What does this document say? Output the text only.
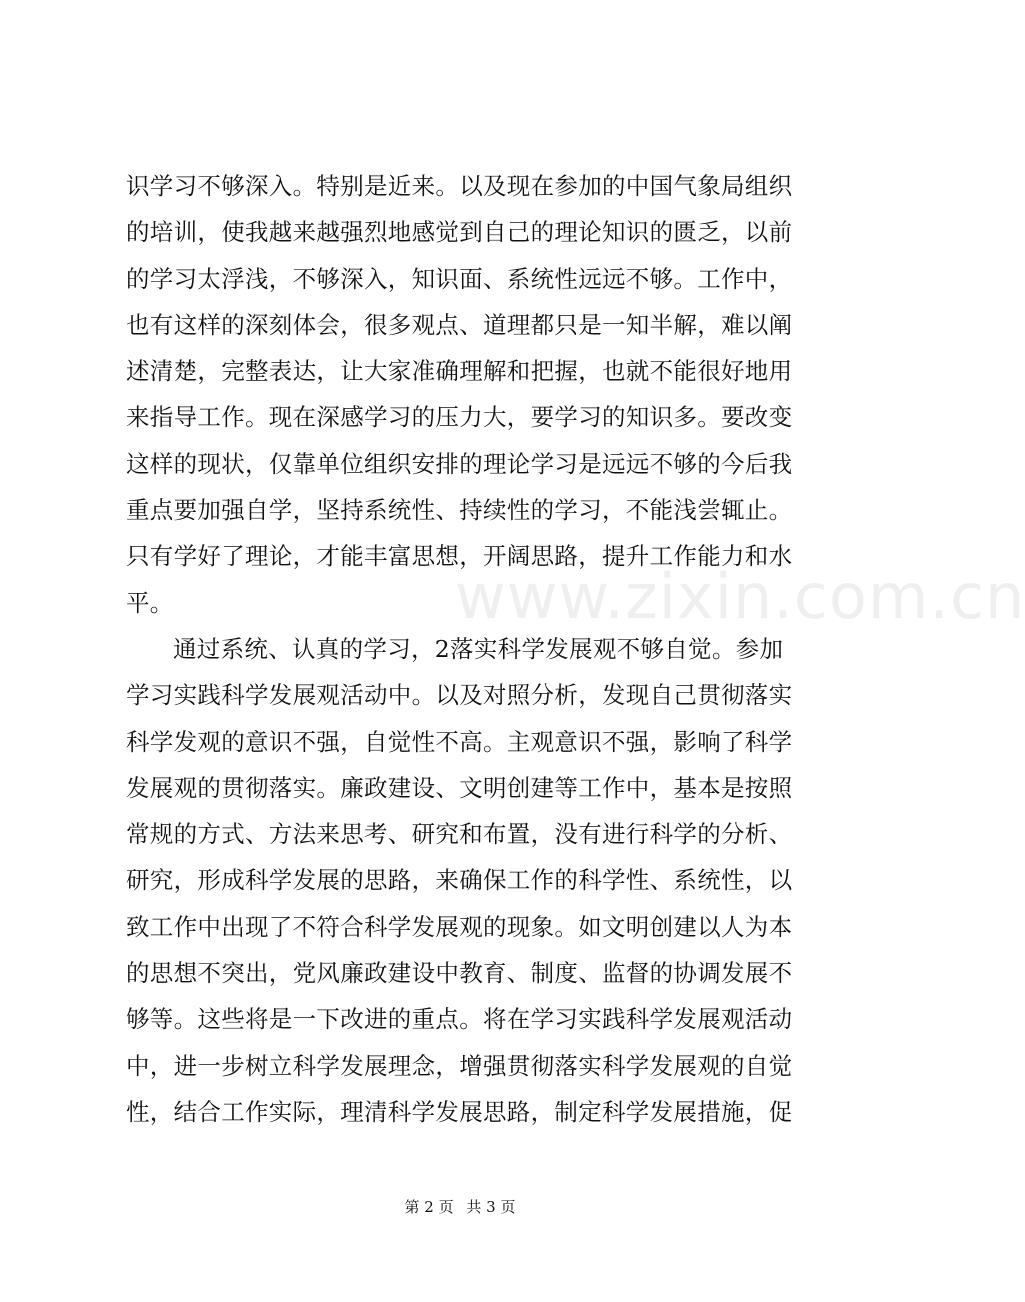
www.zixin.com.cn
识学习不够深入。特别是近来。以及现在参加的中国气象局组织
的培训，使我越来越强烈地感觉到自己的理论知识的匮乏，以前
的学习太浮浅，不够深入，知识面、系统性远远不够。工作中，
也有这样的深刻体会，很多观点、道理都只是一知半解，难以阐
述清楚，完整表达，让大家准确理解和把握，也就不能很好地用
来指导工作。现在深感学习的压力大，要学习的知识多。要改变
这样的现状，仅靠单位组织安排的理论学习是远远不够的今后我
重点要加强自学，坚持系统性、持续性的学习，不能浅尝辄止。
只有学好了理论，才能丰富思想，开阔思路，提升工作能力和水
平。
通过系统、认真的学习，2落实科学发展观不够自觉。参加
学习实践科学发展观活动中。以及对照分析，发现自己贯彻落实
科学发观的意识不强，自觉性不高。主观意识不强，影响了科学
发展观的贯彻落实。廉政建设、文明创建等工作中，基本是按照
常规的方式、方法来思考、研究和布置，没有进行科学的分析、
研究，形成科学发展的思路，来确保工作的科学性、系统性，以
致工作中出现了不符合科学发展观的现象。如文明创建以人为本
的思想不突出，党风廉政建设中教育、制度、监督的协调发展不
够等。这些将是一下改进的重点。将在学习实践科学发展观活动
中，进一步树立科学发展理念，增强贯彻落实科学发展观的自觉
性，结合工作实际，理清科学发展思路，制定科学发展措施，促
第 2 页 共 3 页
